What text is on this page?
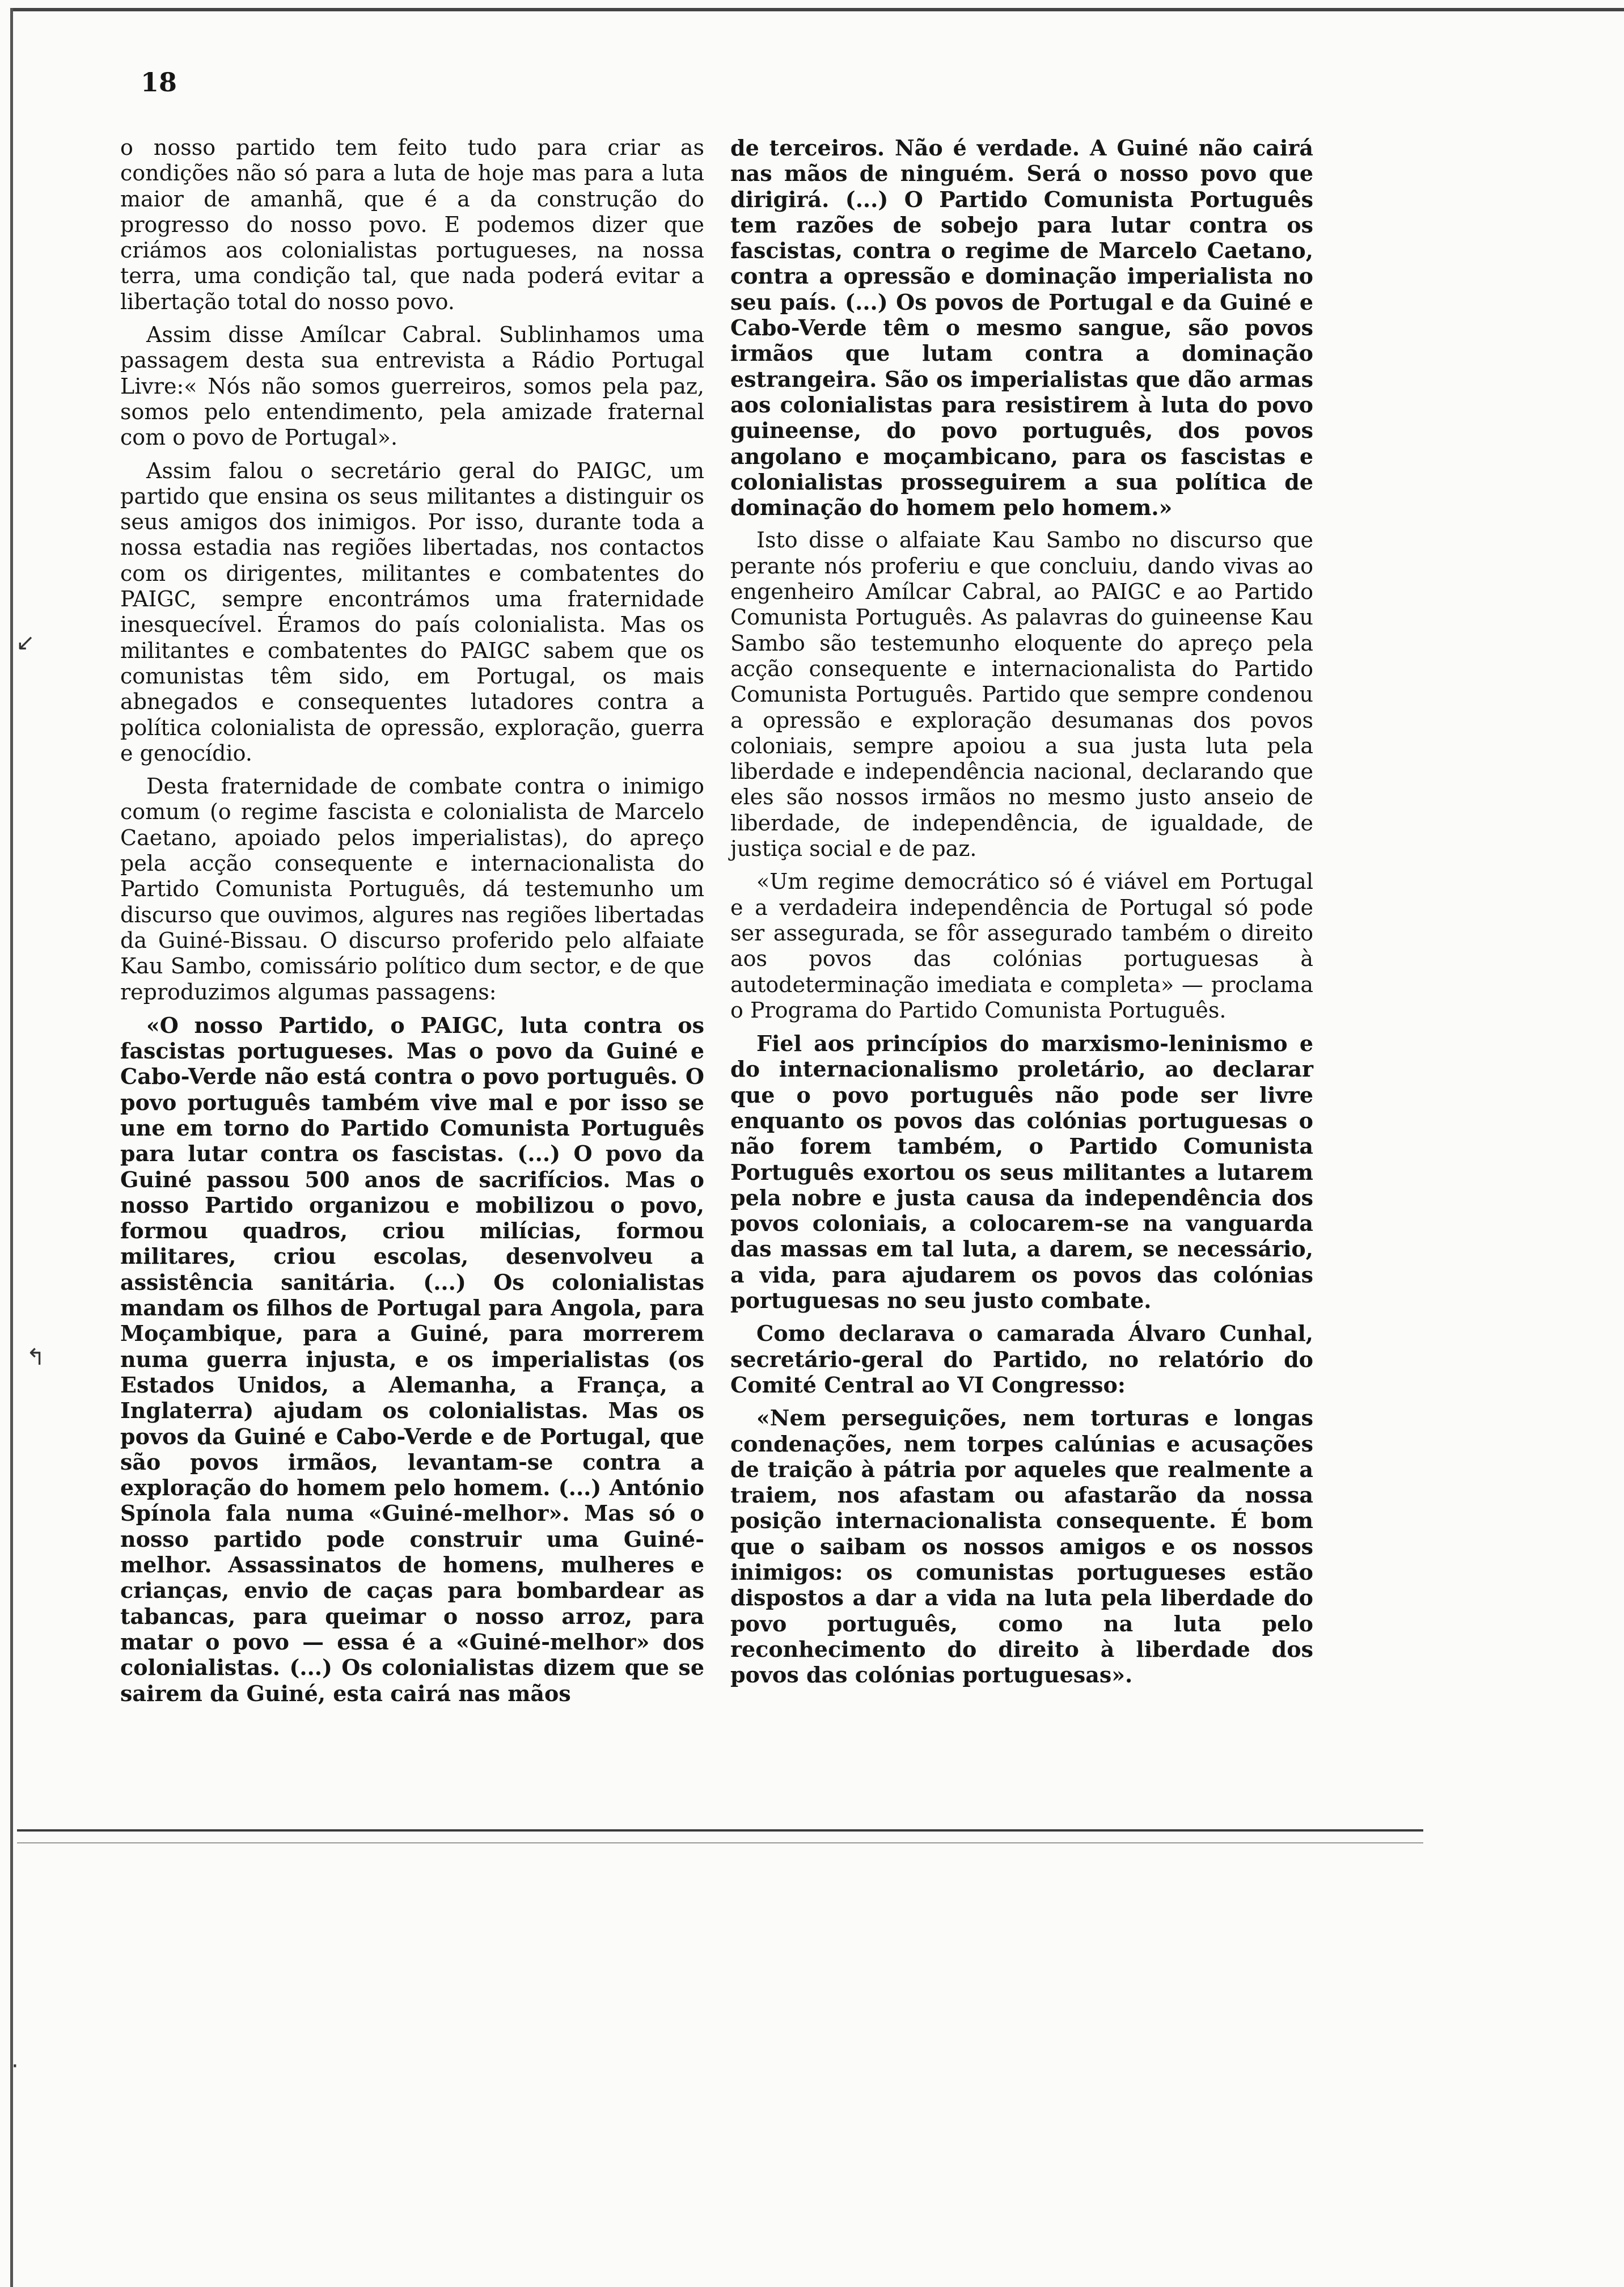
18

o nosso partido tem feito tudo para criar as condições não só para a luta de hoje mas para a luta maior de amanhã, que é a da construção do progresso do nosso povo. E podemos dizer que criámos aos colonialistas portugueses, na nossa terra, uma condição tal, que nada poderá evitar a libertação total do nosso povo.

Assim disse Amílcar Cabral. Sublinhamos uma passagem desta sua entrevista a Rádio Portugal Livre:« Nós não somos guerreiros, somos pela paz, somos pelo entendimento, pela amizade fraternal com o povo de Portugal».

Assim falou o secretário geral do PAIGC, um partido que ensina os seus militantes a distinguir os seus amigos dos inimigos. Por isso, durante toda a nossa estadia nas regiões libertadas, nos contactos com os dirigentes, militantes e combatentes do PAIGC, sempre encontrámos uma fraternidade inesquecível. Éramos do país colonialista. Mas os militantes e combatentes do PAIGC sabem que os comunistas têm sido, em Portugal, os mais abnegados e consequentes lutadores contra a política colonialista de opressão, exploração, guerra e genocídio.

Desta fraternidade de combate contra o inimigo comum (o regime fascista e colonialista de Marcelo Caetano, apoiado pelos imperialistas), do apreço pela acção consequente e internacionalista do Partido Comunista Português, dá testemunho um discurso que ouvimos, algures nas regiões libertadas da Guiné-Bissau. O discurso proferido pelo alfaiate Kau Sambo, comissário político dum sector, e de que reproduzimos algumas passagens:

«O nosso Partido, o PAIGC, luta contra os fascistas portugueses. Mas o povo da Guiné e Cabo-Verde não está contra o povo português. O povo português também vive mal e por isso se une em torno do Partido Comunista Português para lutar contra os fascistas. (...) O povo da Guiné passou 500 anos de sacrifícios. Mas o nosso Partido organizou e mobilizou o povo, formou quadros, criou milícias, formou militares, criou escolas, desenvolveu a assistência sanitária. (...) Os colonialistas mandam os filhos de Portugal para Angola, para Moçambique, para a Guiné, para morrerem numa guerra injusta, e os imperialistas (os Estados Unidos, a Alemanha, a França, a Inglaterra) ajudam os colonialistas. Mas os povos da Guiné e Cabo-Verde e de Portugal, que são povos irmãos, levantam-se contra a exploração do homem pelo homem. (...) António Spínola fala numa «Guiné-melhor». Mas só o nosso partido pode construir uma Guiné-melhor. Assassinatos de homens, mulheres e crianças, envio de caças para bombardear as tabancas, para queimar o nosso arroz, para matar o povo — essa é a «Guiné-melhor» dos colonialistas. (...) Os colonialistas dizem que se sairem da Guiné, esta cairá nas mãos

de terceiros. Não é verdade. A Guiné não cairá nas mãos de ninguém. Será o nosso povo que dirigirá. (...) O Partido Comunista Português tem razões de sobejo para lutar contra os fascistas, contra o regime de Marcelo Caetano, contra a opressão e dominação imperialista no seu país. (...) Os povos de Portugal e da Guiné e Cabo-Verde têm o mesmo sangue, são povos irmãos que lutam contra a dominação estrangeira. São os imperialistas que dão armas aos colonialistas para resistirem à luta do povo guineense, do povo português, dos povos angolano e moçambicano, para os fascistas e colonialistas prosseguirem a sua política de dominação do homem pelo homem.»

Isto disse o alfaiate Kau Sambo no discurso que perante nós proferiu e que concluiu, dando vivas ao engenheiro Amílcar Cabral, ao PAIGC e ao Partido Comunista Português. As palavras do guineense Kau Sambo são testemunho eloquente do apreço pela acção consequente e internacionalista do Partido Comunista Português. Partido que sempre condenou a opressão e exploração desumanas dos povos coloniais, sempre apoiou a sua justa luta pela liberdade e independência nacional, declarando que eles são nossos irmãos no mesmo justo anseio de liberdade, de independência, de igualdade, de justiça social e de paz.

«Um regime democrático só é viável em Portugal e a verdadeira independência de Portugal só pode ser assegurada, se fôr assegurado também o direito aos povos das colónias portuguesas à autodeterminação imediata e completa» — proclama o Programa do Partido Comunista Português.

Fiel aos princípios do marxismo-leninismo e do internacionalismo proletário, ao declarar que o povo português não pode ser livre enquanto os povos das colónias portuguesas o não forem também, o Partido Comunista Português exortou os seus militantes a lutarem pela nobre e justa causa da independência dos povos coloniais, a colocarem-se na vanguarda das massas em tal luta, a darem, se necessário, a vida, para ajudarem os povos das colónias portuguesas no seu justo combate.

Como declarava o camarada Álvaro Cunhal, secretário-geral do Partido, no relatório do Comité Central ao VI Congresso:

«Nem perseguições, nem torturas e longas condenações, nem torpes calúnias e acusações de traição à pátria por aqueles que realmente a traiem, nos afastam ou afastarão da nossa posição internacionalista consequente. É bom que o saibam os nossos amigos e os nossos inimigos: os comunistas portugueses estão dispostos a dar a vida na luta pela liberdade do povo português, como na luta pelo reconhecimento do direito à liberdade dos povos das colónias portuguesas».

↙
↰
·
